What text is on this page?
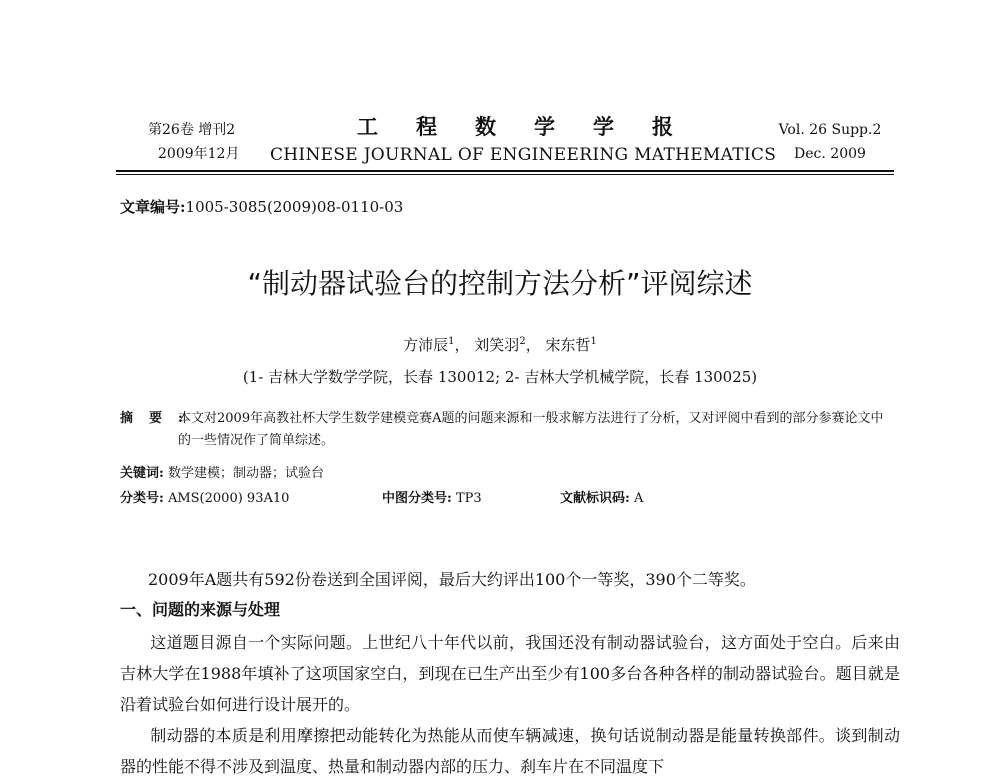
第26卷 增刊2
2009年12月
工程数学学报
CHINESE JOURNAL OF ENGINEERING MATHEMATICS
Vol. 26 Supp.2
Dec. 2009
文章编号:1005-3085(2009)08-0110-03
“制动器试验台的控制方法分析”评阅综述
方沛辰$^1$， 刘笑羽$^2$， 宋东哲$^1$
(1- 吉林大学数学学院，长春 130012; 2- 吉林大学机械学院，长春 130025)
摘要:
本文对2009年高教社杯大学生数学建模竞赛A题的问题来源和一般求解方法进行了分析，又对评阅中看到的部分参赛论文中的一些情况作了简单综述。
关键词: 数学建模；制动器；试验台
分类号: AMS(2000) 93A10	中图分类号: TP3	文献标识码: A
2009年A题共有592份卷送到全国评阅，最后大约评出100个一等奖，390个二等奖。
一、问题的来源与处理
这道题目源自一个实际问题。上世纪八十年代以前，我国还没有制动器试验台，这方面处于空白。后来由吉林大学在1988年填补了这项国家空白，到现在已生产出至少有100多台各种各样的制动器试验台。题目就是沿着试验台如何进行设计展开的。
制动器的本质是利用摩擦把动能转化为热能从而使车辆减速，换句话说制动器是能量转换部件。谈到制动器的性能不得不涉及到温度、热量和制动器内部的压力、刹车片在不同温度下
